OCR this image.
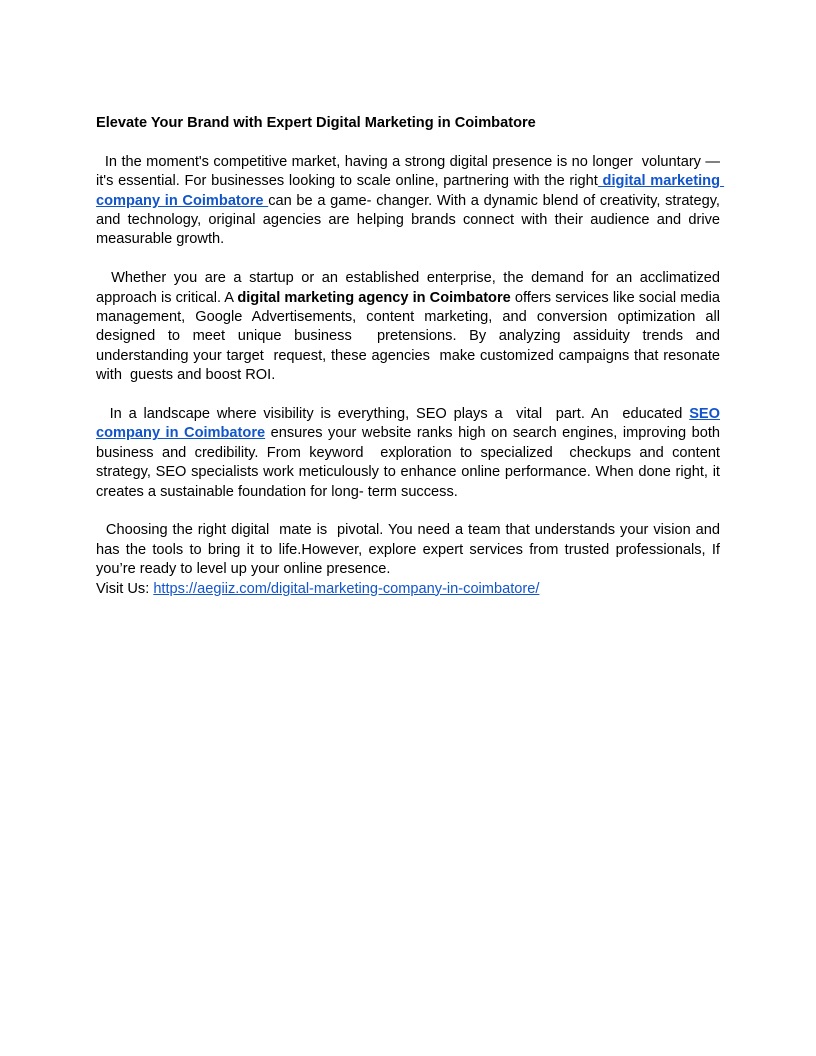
Elevate Your Brand with Expert Digital Marketing in Coimbatore

In the moment's competitive market, having a strong digital presence is no longer  voluntary — it's essential. For businesses looking to scale online, partnering with the right digital marketing company in Coimbatore can be a game- changer. With a dynamic blend of creativity, strategy, and technology, original agencies are helping brands connect with their audience and drive measurable growth.

Whether you are a startup or an established enterprise, the demand for an acclimatized approach is critical. A digital marketing agency in Coimbatore offers services like social media management, Google Advertisements, content marketing, and conversion optimization all designed to meet unique business  pretensions. By analyzing assiduity trends and understanding your target  request, these agencies  make customized campaigns that resonate with  guests and boost ROI.

In a landscape where visibility is everything, SEO plays a  vital  part. An  educated SEO company in Coimbatore ensures your website ranks high on search engines, improving both business and credibility. From keyword  exploration to specialized  checkups and content strategy, SEO specialists work meticulously to enhance online performance. When done right, it creates a sustainable foundation for long- term success.

Choosing the right digital  mate is  pivotal. You need a team that understands your vision and has the tools to bring it to life.However, explore expert services from trusted professionals, If you’re ready to level up your online presence.

Visit Us: https://aegiiz.com/digital-marketing-company-in-coimbatore/
